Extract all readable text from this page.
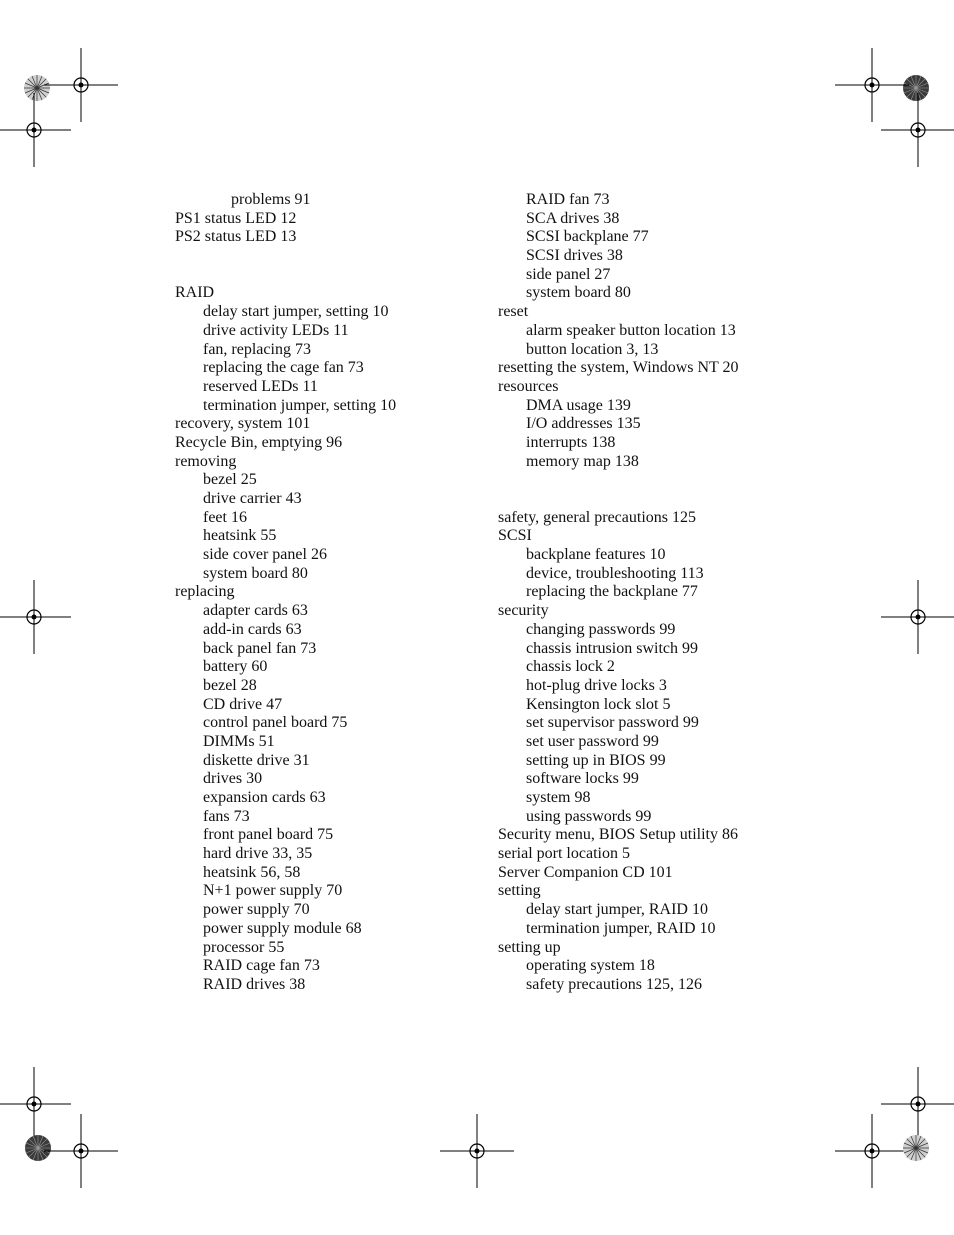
problems 91
PS1 status LED 12
PS2 status LED 13
RAID
delay start jumper, setting 10
drive activity LEDs 11
fan, replacing 73
replacing the cage fan 73
reserved LEDs 11
termination jumper, setting 10
recovery, system 101
Recycle Bin, emptying 96
removing
bezel 25
drive carrier 43
feet 16
heatsink 55
side cover panel 26
system board 80
replacing
adapter cards 63
add-in cards 63
back panel fan 73
battery 60
bezel 28
CD drive 47
control panel board 75
DIMMs 51
diskette drive 31
drives 30
expansion cards 63
fans 73
front panel board 75
hard drive 33, 35
heatsink 56, 58
N+1 power supply 70
power supply 70
power supply module 68
processor 55
RAID cage fan 73
RAID drives 38
RAID fan 73
SCA drives 38
SCSI backplane 77
SCSI drives 38
side panel 27
system board 80
reset
alarm speaker button location 13
button location 3, 13
resetting the system, Windows NT 20
resources
DMA usage 139
I/O addresses 135
interrupts 138
memory map 138
safety, general precautions 125
SCSI
backplane features 10
device, troubleshooting 113
replacing the backplane 77
security
changing passwords 99
chassis intrusion switch 99
chassis lock 2
hot-plug drive locks 3
Kensington lock slot 5
set supervisor password 99
set user password 99
setting up in BIOS 99
software locks 99
system 98
using passwords 99
Security menu, BIOS Setup utility 86
serial port location 5
Server Companion CD 101
setting
delay start jumper, RAID 10
termination jumper, RAID 10
setting up
operating system 18
safety precautions 125, 126
